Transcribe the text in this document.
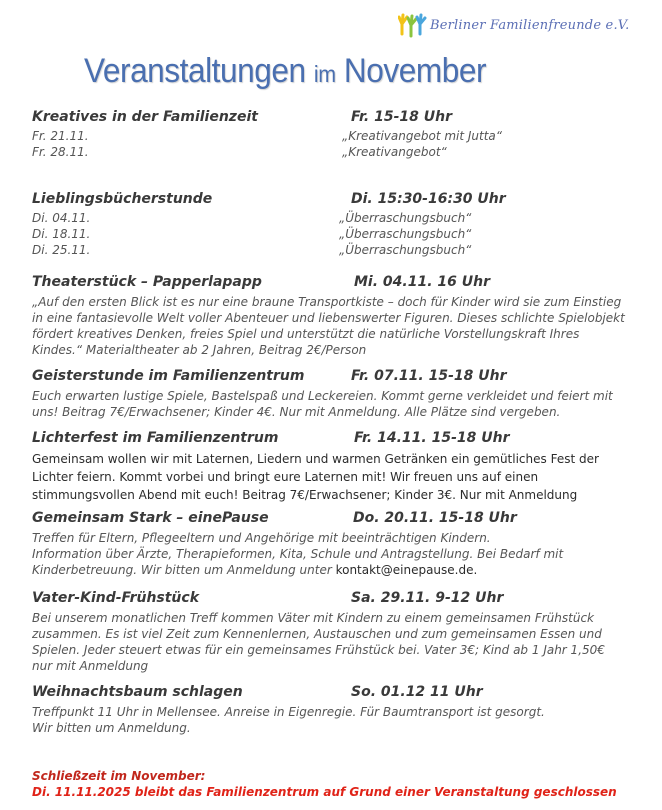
Berliner Familienfreunde e.V.
Veranstaltungen im November
Kreatives in der Familienzeit	Fr. 15-18 Uhr
Fr. 21.11.	„Kreativangebot mit Jutta“
Fr. 28.11.	„Kreativangebot“
Lieblingsbücherstunde	Di. 15:30-16:30 Uhr
Di. 04.11.	„Überraschungsbuch“
Di. 18.11.	„Überraschungsbuch“
Di. 25.11.	„Überraschungsbuch“
Theaterstück – Papperlapapp	Mi. 04.11. 16 Uhr

„Auf den ersten Blick ist es nur eine braune Transportkiste – doch für Kinder wird sie zum Einstieg
in eine fantasievolle Welt voller Abenteuer und liebenswerter Figuren. Dieses schlichte Spielobjekt
fördert kreatives Denken, freies Spiel und unterstützt die natürliche Vorstellungskraft Ihres
Kindes.“ Materialtheater ab 2 Jahren, Beitrag 2€/Person

Geisterstunde im Familienzentrum	Fr. 07.11. 15-18 Uhr

Euch erwarten lustige Spiele, Bastelspaß und Leckereien. Kommt gerne verkleidet und feiert mit
uns! Beitrag 7€/Erwachsener; Kinder 4€. Nur mit Anmeldung. Alle Plätze sind vergeben.

Lichterfest im Familienzentrum	Fr. 14.11. 15-18 Uhr

Gemeinsam wollen wir mit Laternen, Liedern und warmen Getränken ein gemütliches Fest der
Lichter feiern. Kommt vorbei und bringt eure Laternen mit! Wir freuen uns auf einen
stimmungsvollen Abend mit euch! Beitrag 7€/Erwachsener; Kinder 3€. Nur mit Anmeldung

Gemeinsam Stark – einePause	Do. 20.11. 15-18 Uhr

Treffen für Eltern, Pflegeeltern und Angehörige mit beeinträchtigen Kindern.
Information über Ärzte, Therapieformen, Kita, Schule und Antragstellung. Bei Bedarf mit
Kinderbetreuung. Wir bitten um Anmeldung unter kontakt@einepause.de.

Vater-Kind-Frühstück	Sa. 29.11. 9-12 Uhr

Bei unserem monatlichen Treff kommen Väter mit Kindern zu einem gemeinsamen Frühstück
zusammen. Es ist viel Zeit zum Kennenlernen, Austauschen und zum gemeinsamen Essen und
Spielen. Jeder steuert etwas für ein gemeinsames Frühstück bei. Vater 3€; Kind ab 1 Jahr 1,50€
nur mit Anmeldung

Weihnachtsbaum schlagen	So. 01.12 11 Uhr

Treffpunkt 11 Uhr in Mellensee. Anreise in Eigenregie. Für Baumtransport ist gesorgt.
Wir bitten um Anmeldung.

Schließzeit im November:
Di. 11.11.2025 bleibt das Familienzentrum auf Grund einer Veranstaltung geschlossen
